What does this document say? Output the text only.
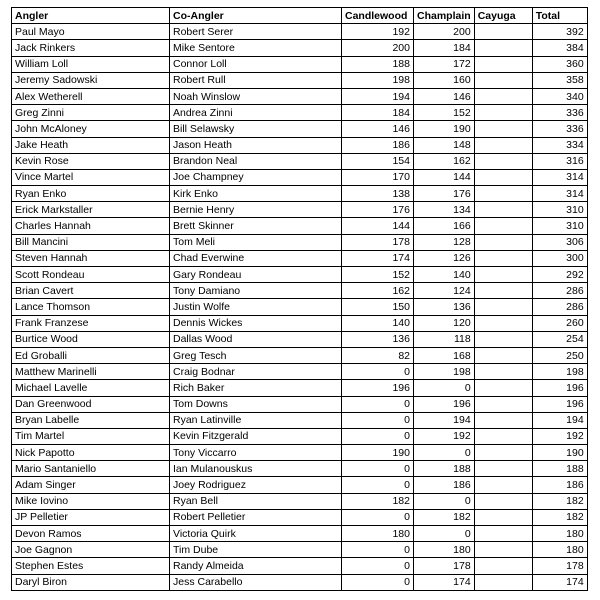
Angler	Co-Angler	Candlewood	Champlain	Cayuga	Total
Paul Mayo	Robert Serer	192	200		392
Jack Rinkers	Mike Sentore	200	184		384
William Loll	Connor Loll	188	172		360
Jeremy Sadowski	Robert Rull	198	160		358
Alex Wetherell	Noah Winslow	194	146		340
Greg Zinni	Andrea Zinni	184	152		336
John McAloney	Bill Selawsky	146	190		336
Jake Heath	Jason Heath	186	148		334
Kevin Rose	Brandon Neal	154	162		316
Vince Martel	Joe Champney	170	144		314
Ryan Enko	Kirk Enko	138	176		314
Erick Markstaller	Bernie Henry	176	134		310
Charles Hannah	Brett Skinner	144	166		310
Bill Mancini	Tom Meli	178	128		306
Steven Hannah	Chad Everwine	174	126		300
Scott Rondeau	Gary Rondeau	152	140		292
Brian Cavert	Tony Damiano	162	124		286
Lance Thomson	Justin Wolfe	150	136		286
Frank Franzese	Dennis Wickes	140	120		260
Burtice Wood	Dallas Wood	136	118		254
Ed Groballi	Greg Tesch	82	168		250
Matthew Marinelli	Craig Bodnar	0	198		198
Michael Lavelle	Rich Baker	196	0		196
Dan Greenwood	Tom Downs	0	196		196
Bryan Labelle	Ryan Latinville	0	194		194
Tim Martel	Kevin Fitzgerald	0	192		192
Nick Papotto	Tony Viccarro	190	0		190
Mario Santaniello	Ian Mulanouskus	0	188		188
Adam Singer	Joey Rodriguez	0	186		186
Mike Iovino	Ryan Bell	182	0		182
JP Pelletier	Robert Pelletier	0	182		182
Devon Ramos	Victoria Quirk	180	0		180
Joe Gagnon	Tim Dube	0	180		180
Stephen Estes	Randy Almeida	0	178		178
Daryl Biron	Jess Carabello	0	174		174
